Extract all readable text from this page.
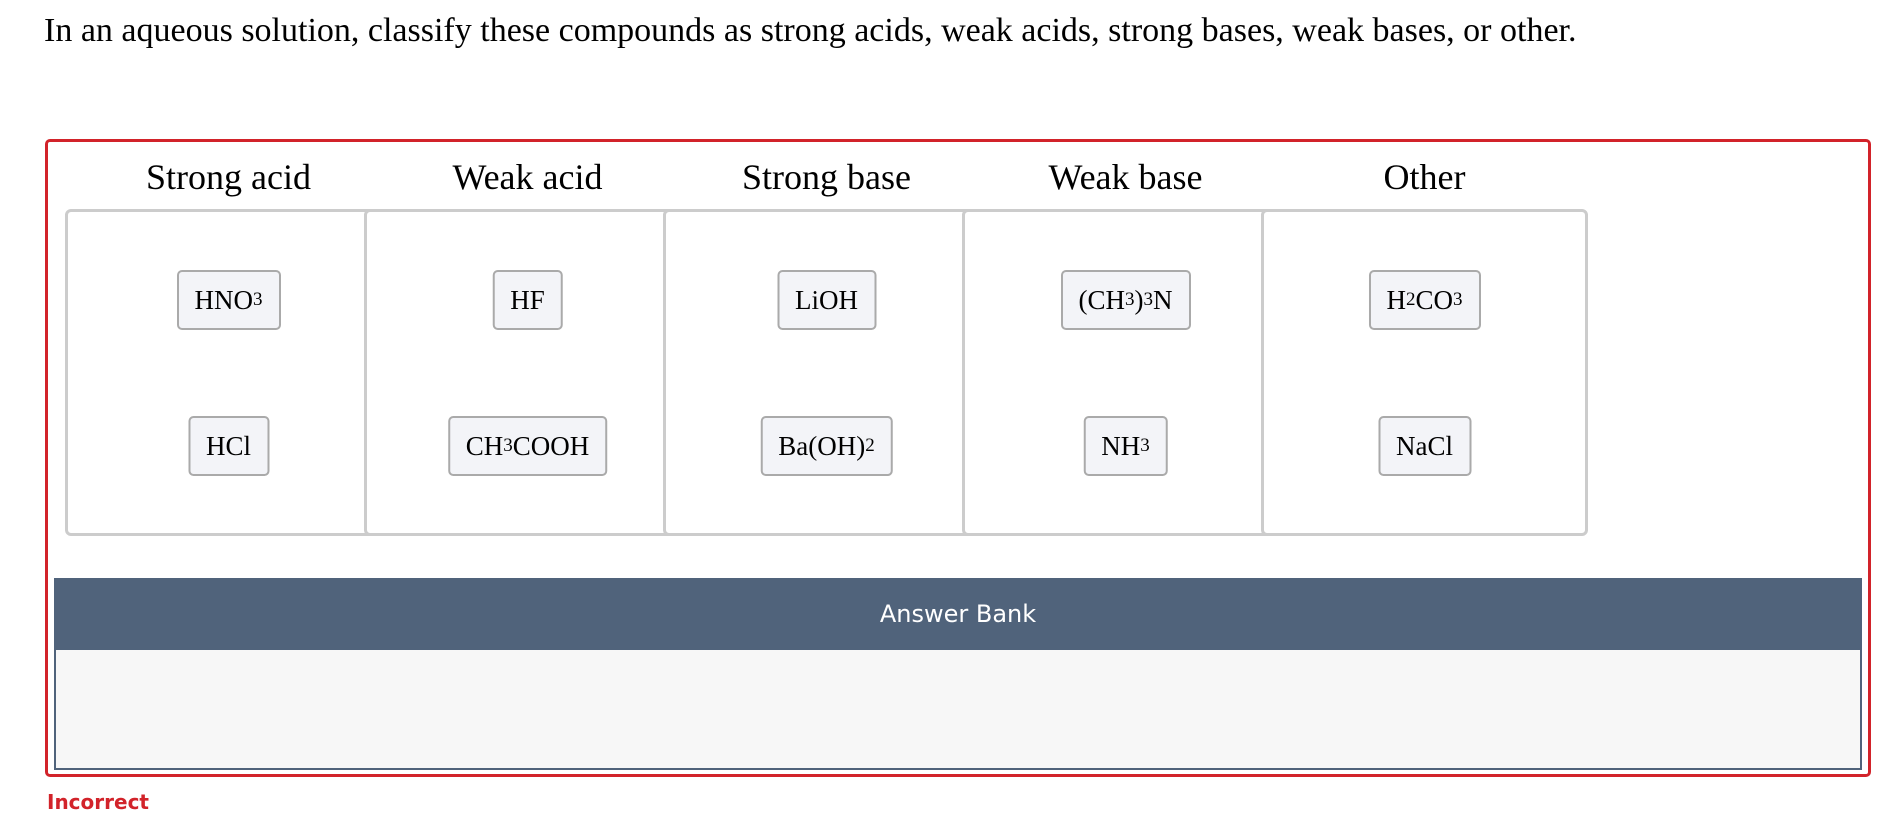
In an aqueous solution, classify these compounds as strong acids, weak acids, strong bases, weak bases, or other.
Strong acid
HNO 3
HCl
Weak acid
HF
CH 3 COOH
Strong base
LiOH
Ba(OH) 2
Weak base
(CH 3 ) 3 N
NH 3
Other
H 2 CO 3
NaCl
Answer Bank
Incorrect
